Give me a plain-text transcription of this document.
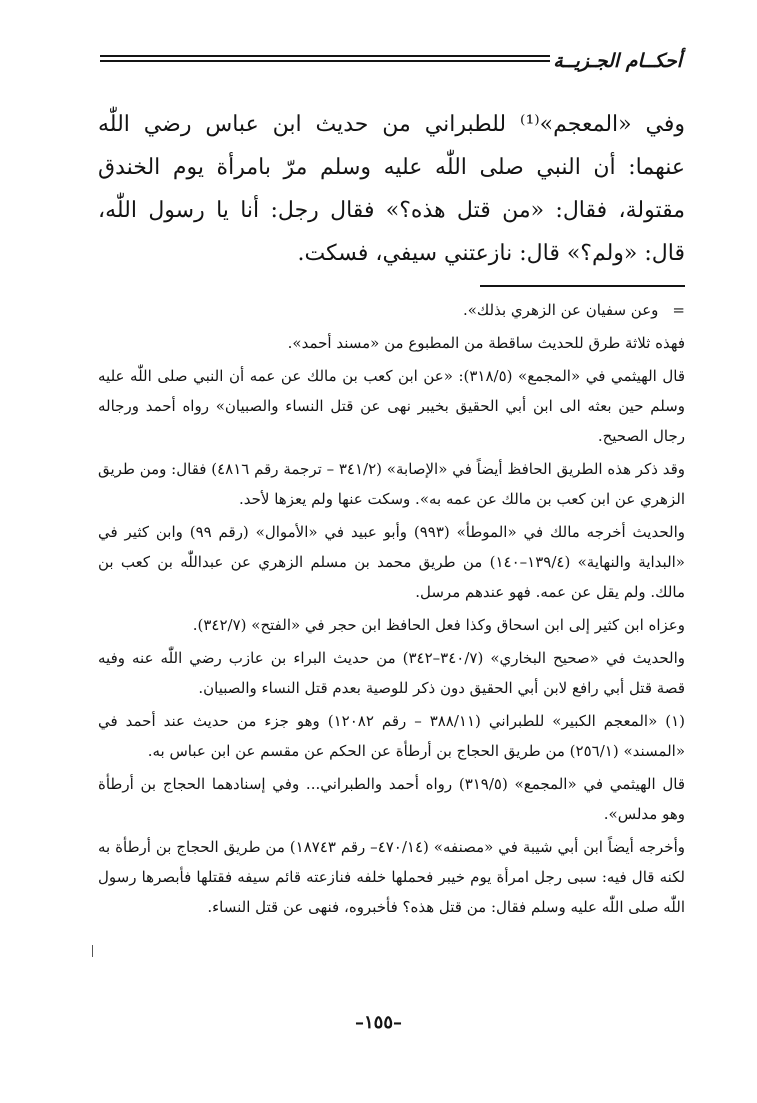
أحكــام الجـزيــة

وفي «المعجم»⁽¹⁾ للطبراني من حديث ابن عباس رضي اللّٰه عنهما: أن النبي صلى اللّٰه عليه وسلم مرّ بامرأة يوم الخندق مقتولة، فقال: «من قتل هذه؟» فقال رجل: أنا يا رسول اللّٰه، قال: «ولم؟» قال: نازعتني سيفي، فسكت.

=وعن سفيان عن الزهري بذلك».

فهذه ثلاثة طرق للحديث ساقطة من المطبوع من «مسند أحمد».

قال الهيثمي في «المجمع» (٣١٨/٥): «عن ابن كعب بن مالك عن عمه أن النبي صلى اللّٰه عليه وسلم حين بعثه الى ابن أبي الحقيق بخيبر نهى عن قتل النساء والصبيان» رواه أحمد ورجاله رجال الصحيح.

وقد ذكر هذه الطريق الحافظ أيضاً في «الإصابة» (٣٤١/٢ – ترجمة رقم ٤٨١٦) فقال: ومن طريق الزهري عن ابن كعب بن مالك عن عمه به». وسكت عنها ولم يعزها لأحد.

والحديث أخرجه مالك في «الموطأ» (٩٩٣) وأبو عبيد في «الأموال» (رقم ٩٩) وابن كثير في «البداية والنهاية» (١٣٩/٤–١٤٠) من طريق محمد بن مسلم الزهري عن عبداللّٰه بن كعب بن مالك. ولم يقل عن عمه. فهو عندهم مرسل.

وعزاه ابن كثير إلى ابن اسحاق وكذا فعل الحافظ ابن حجر في «الفتح» (٣٤٢/٧).

والحديث في «صحيح البخاري» (٣٤٠/٧–٣٤٢) من حديث البراء بن عازب رضي اللّٰه عنه وفيه قصة قتل أبي رافع لابن أبي الحقيق دون ذكر للوصية بعدم قتل النساء والصبيان.

(١) «المعجم الكبير» للطبراني (٣٨٨/١١ – رقم ١٢٠٨٢) وهو جزء من حديث عند أحمد في «المسند» (٢٥٦/١) من طريق الحجاج بن أرطأة عن الحكم عن مقسم عن ابن عباس به.

قال الهيثمي في «المجمع» (٣١٩/٥) رواه أحمد والطبراني... وفي إسنادهما الحجاج بن أرطأة وهو مدلس».

وأخرجه أيضاً ابن أبي شيبة في «مصنفه» (٤٧٠/١٤– رقم ١٨٧٤٣) من طريق الحجاج بن أرطأة به لكنه قال فيه: سبى رجل امرأة يوم خيبر فحملها خلفه فنازعته قائم سيفه فقتلها فأبصرها رسول اللّٰه صلى اللّٰه عليه وسلم فقال: من قتل هذه؟ فأخبروه، فنهى عن قتل النساء.

–١٥٥–
